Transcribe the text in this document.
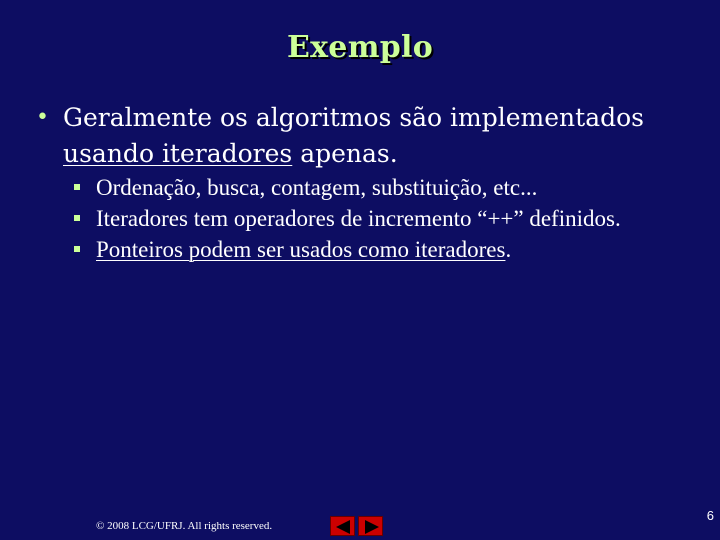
Exemplo
• Geralmente os algoritmos são implementados usando iteradores apenas.
Ordenação, busca, contagem, substituição, etc...
Iteradores tem operadores de incremento “++” definidos.
Ponteiros podem ser usados como iteradores.
© 2008 LCG/UFRJ. All rights reserved.
6
